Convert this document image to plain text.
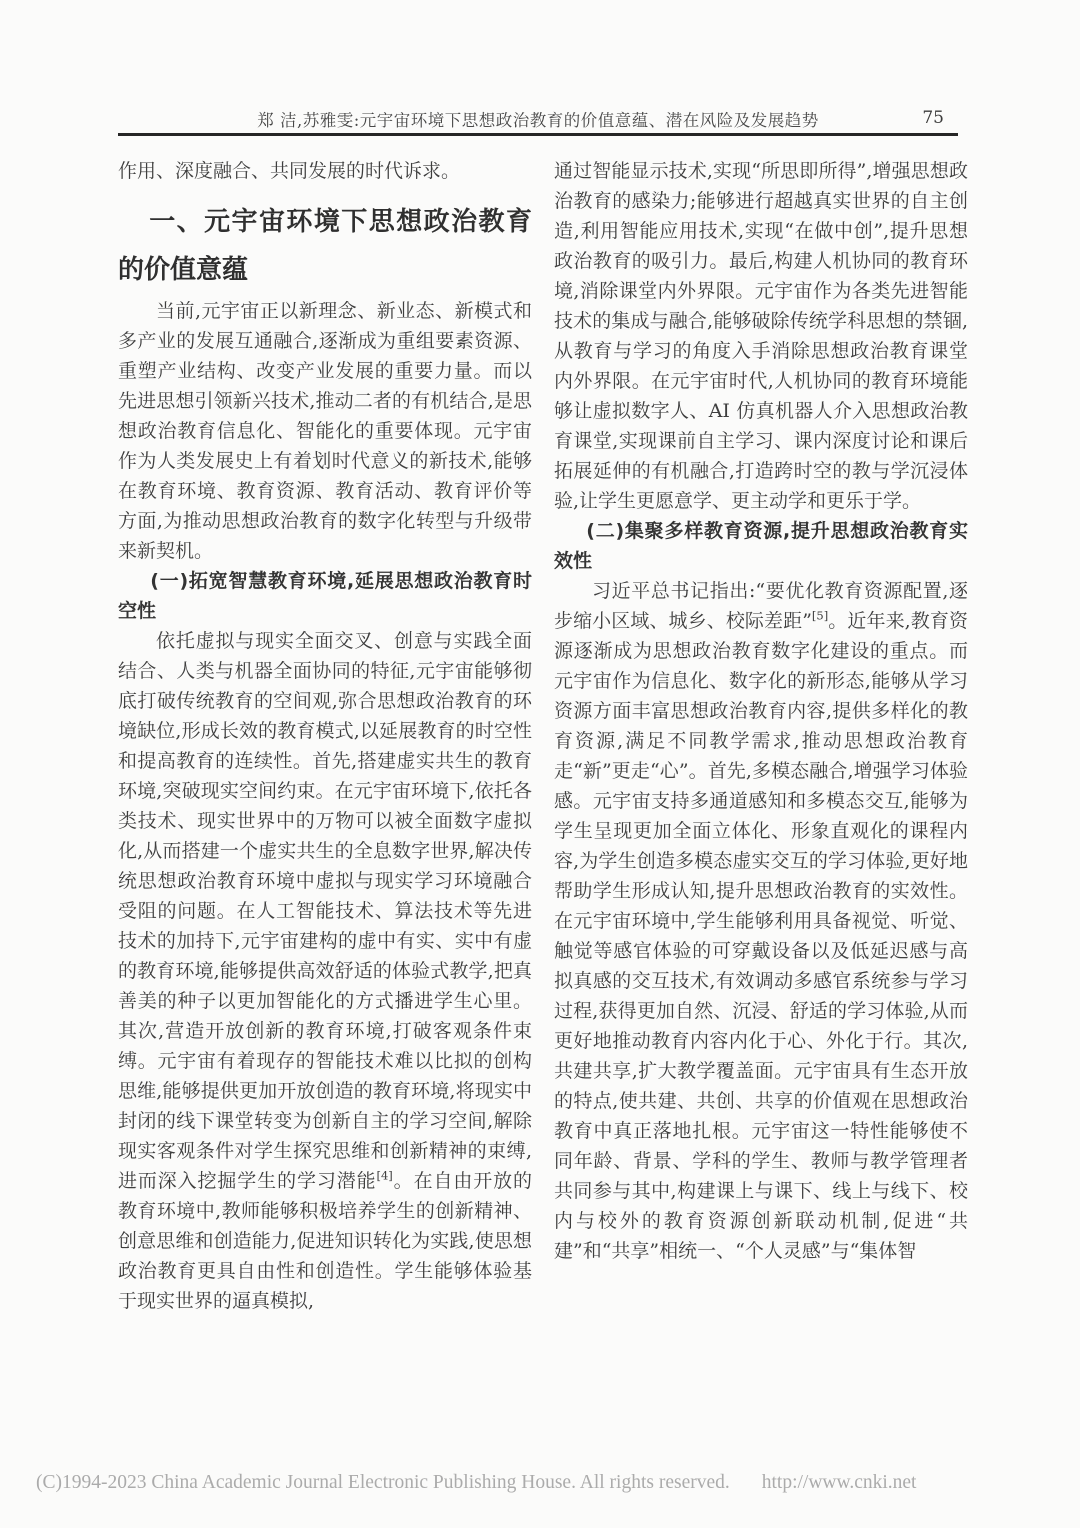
郑 洁,苏雅雯:元宇宙环境下思想政治教育的价值意蕴、潜在风险及发展趋势	75

作用、深度融合、共同发展的时代诉求。

一、元宇宙环境下思想政治教育的价值意蕴

当前,元宇宙正以新理念、新业态、新模式和多产业的发展互通融合,逐渐成为重组要素资源、重塑产业结构、改变产业发展的重要力量。而以先进思想引领新兴技术,推动二者的有机结合,是思想政治教育信息化、智能化的重要体现。元宇宙作为人类发展史上有着划时代意义的新技术,能够在教育环境、教育资源、教育活动、教育评价等方面,为推动思想政治教育的数字化转型与升级带来新契机。

(一)拓宽智慧教育环境,延展思想政治教育时空性

依托虚拟与现实全面交叉、创意与实践全面结合、人类与机器全面协同的特征,元宇宙能够彻底打破传统教育的空间观,弥合思想政治教育的环境缺位,形成长效的教育模式,以延展教育的时空性和提高教育的连续性。首先,搭建虚实共生的教育环境,突破现实空间约束。在元宇宙环境下,依托各类技术、现实世界中的万物可以被全面数字虚拟化,从而搭建一个虚实共生的全息数字世界,解决传统思想政治教育环境中虚拟与现实学习环境融合受阻的问题。在人工智能技术、算法技术等先进技术的加持下,元宇宙建构的虚中有实、实中有虚的教育环境,能够提供高效舒适的体验式教学,把真善美的种子以更加智能化的方式播进学生心里。其次,营造开放创新的教育环境,打破客观条件束缚。元宇宙有着现存的智能技术难以比拟的创构思维,能够提供更加开放创造的教育环境,将现实中封闭的线下课堂转变为创新自主的学习空间,解除现实客观条件对学生探究思维和创新精神的束缚,进而深入挖掘学生的学习潜能[4]。在自由开放的教育环境中,教师能够积极培养学生的创新精神、创意思维和创造能力,促进知识转化为实践,使思想政治教育更具自由性和创造性。学生能够体验基于现实世界的逼真模拟,

通过智能显示技术,实现“所思即所得”,增强思想政治教育的感染力;能够进行超越真实世界的自主创造,利用智能应用技术,实现“在做中创”,提升思想政治教育的吸引力。最后,构建人机协同的教育环境,消除课堂内外界限。元宇宙作为各类先进智能技术的集成与融合,能够破除传统学科思想的禁锢,从教育与学习的角度入手消除思想政治教育课堂内外界限。在元宇宙时代,人机协同的教育环境能够让虚拟数字人、AI 仿真机器人介入思想政治教育课堂,实现课前自主学习、课内深度讨论和课后拓展延伸的有机融合,打造跨时空的教与学沉浸体验,让学生更愿意学、更主动学和更乐于学。

(二)集聚多样教育资源,提升思想政治教育实效性

习近平总书记指出:“要优化教育资源配置,逐步缩小区域、城乡、校际差距”[5]。近年来,教育资源逐渐成为思想政治教育数字化建设的重点。而元宇宙作为信息化、数字化的新形态,能够从学习资源方面丰富思想政治教育内容,提供多样化的教育资源,满足不同教学需求,推动思想政治教育走“新”更走“心”。首先,多模态融合,增强学习体验感。元宇宙支持多通道感知和多模态交互,能够为学生呈现更加全面立体化、形象直观化的课程内容,为学生创造多模态虚实交互的学习体验,更好地帮助学生形成认知,提升思想政治教育的实效性。在元宇宙环境中,学生能够利用具备视觉、听觉、触觉等感官体验的可穿戴设备以及低延迟感与高拟真感的交互技术,有效调动多感官系统参与学习过程,获得更加自然、沉浸、舒适的学习体验,从而更好地推动教育内容内化于心、外化于行。其次,共建共享,扩大教学覆盖面。元宇宙具有生态开放的特点,使共建、共创、共享的价值观在思想政治教育中真正落地扎根。元宇宙这一特性能够使不同年龄、背景、学科的学生、教师与教学管理者共同参与其中,构建课上与课下、线上与线下、校内与校外的教育资源创新联动机制,促进“共建”和“共享”相统一、“个人灵感”与“集体智

(C)1994-2023 China Academic Journal Electronic Publishing House. All rights reserved. http://www.cnki.net
